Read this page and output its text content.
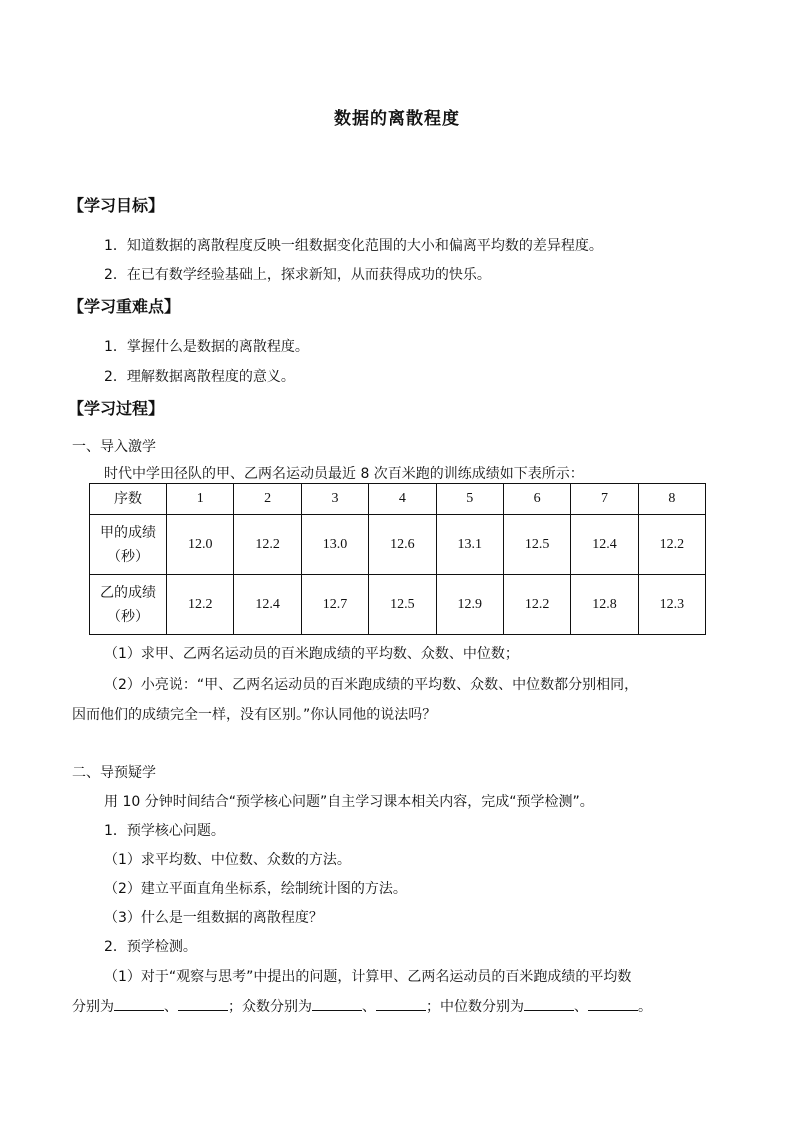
数据的离散程度
【学习目标】
1．知道数据的离散程度反映一组数据变化范围的大小和偏离平均数的差异程度。
2．在已有数学经验基础上，探求新知，从而获得成功的快乐。
【学习重难点】
1．掌握什么是数据的离散程度。
2．理解数据离散程度的意义。
【学习过程】
一、导入激学
时代中学田径队的甲、乙两名运动员最近 8 次百米跑的训练成绩如下表所示：
序数	1	2	3	4	5	6	7	8

甲的成绩
（秒）	12.0	12.2	13.0	12.6	13.1	12.5	12.4	12.2

乙的成绩
（秒）	12.2	12.4	12.7	12.5	12.9	12.2	12.8	12.3
（1）求甲、乙两名运动员的百米跑成绩的平均数、众数、中位数；
（2）小亮说：“甲、乙两名运动员的百米跑成绩的平均数、众数、中位数都分别相同，
因而他们的成绩完全一样，没有区别。”你认同他的说法吗？
二、导预疑学
用 10 分钟时间结合“预学核心问题”自主学习课本相关内容，完成“预学检测”。
1．预学核心问题。
（1）求平均数、中位数、众数的方法。
（2）建立平面直角坐标系，绘制统计图的方法。
（3）什么是一组数据的离散程度？
2．预学检测。
（1）对于“观察与思考”中提出的问题，计算甲、乙两名运动员的百米跑成绩的平均数
分别为	、	；众数分别为	、	；中位数分别为	、	。
